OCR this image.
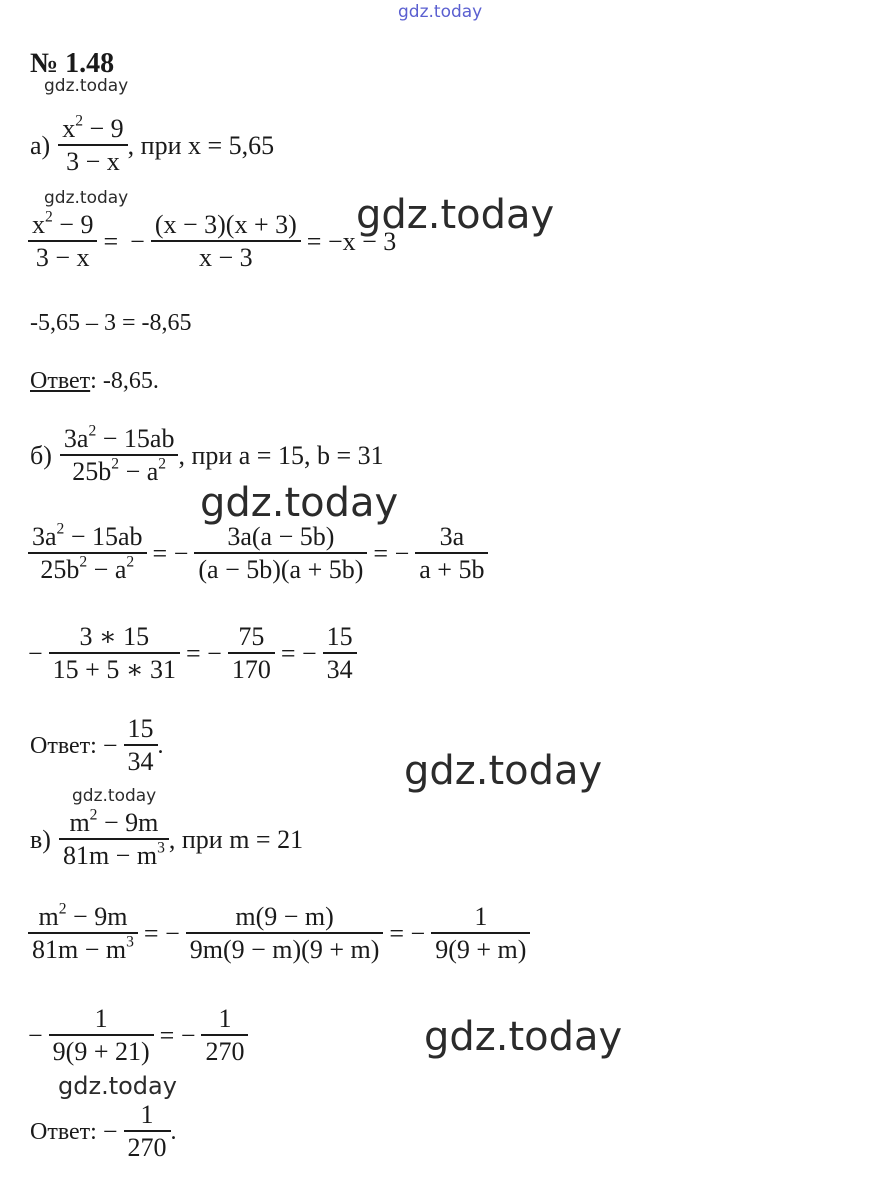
gdz.today
gdz.today
gdz.today	gdz.today
gdz.today
gdz.today
gdz.today
gdz.today
gdz.today
№ 1.48
$а) \frac{x^2 - 9}{3 - x}$ , при x = 5,65
$\frac{x^2 - 9}{3 - x}$ = − $\frac{(x - 3)(x + 3)}{x - 3} = -x - 3$
-5,65 – 3 = -8,65
Ответ: -8,65.
$б) \frac{3a^2 - 15ab}{25b^2 - a^2}$ , при a = 15, b = 31
$\frac{3a^2 - 15ab}{25b^2 - a^2}$ = − $\frac{3a(a - 5b)}{(a - 5b)(a + 5b)}$ = − $\frac{3a}{a + 5b}$
− $\frac{3 ∗ 15}{15 + 5 ∗ 31}$ = − $\frac{75}{170}$ = − $\frac{15}{34}$
Ответ: − $\frac{15}{34}$ .
$в) \frac{m^2 - 9m}{81m - m^3}$ , при m = 21
$\frac{m^2 - 9m}{81m - m^3}$ = − $\frac{m(9 - m)}{9m(9 - m)(9 + m)}$ = − $\frac{1}{9(9 + m)}$
− $\frac{1}{9(9 + 21)}$ = − $\frac{1}{270}$
Ответ: − $\frac{1}{270}$ .
